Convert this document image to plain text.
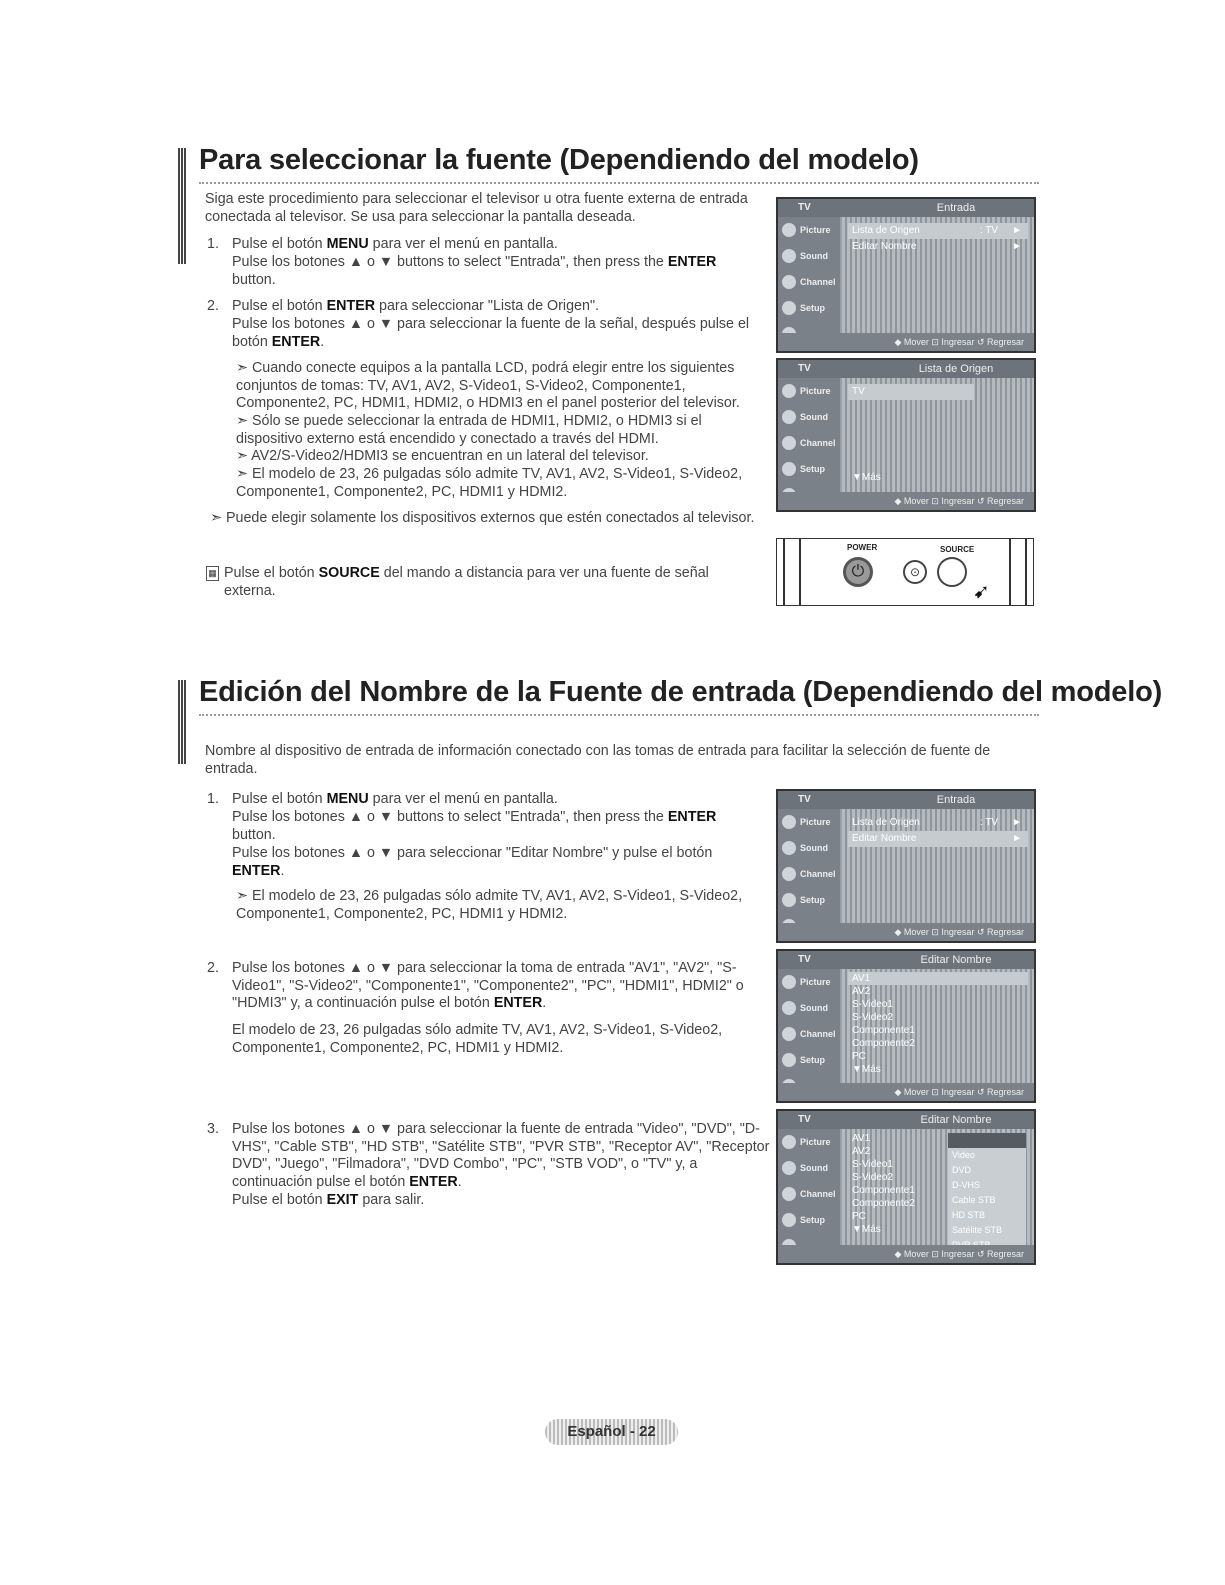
Para seleccionar la fuente (Dependiendo del modelo)
Siga este procedimiento para seleccionar el televisor u otra fuente externa de entrada conectada al televisor. Se usa para seleccionar la pantalla deseada.
1. Pulse el botón MENU para ver el menú en pantalla.
Pulse los botones ▲ o ▼ buttons to select "Entrada", then press the ENTER button.
2. Pulse el botón ENTER para seleccionar "Lista de Origen".
Pulse los botones ▲ o ▼ para seleccionar la fuente de la señal, después pulse el botón ENTER.
➣ Cuando conecte equipos a la pantalla LCD, podrá elegir entre los siguientes conjuntos de tomas: TV, AV1, AV2, S-Video1, S-Video2, Componente1, Componente2, PC, HDMI1, HDMI2, o HDMI3 en el panel posterior del televisor.
➣ Sólo se puede seleccionar la entrada de HDMI1, HDMI2, o HDMI3 si el dispositivo externo está encendido y conectado a través del HDMI.
➣ AV2/S-Video2/HDMI3 se encuentran en un lateral del televisor.
➣ El modelo de 23, 26 pulgadas sólo admite TV, AV1, AV2, S-Video1, S-Video2, Componente1, Componente2, PC, HDMI1 y HDMI2.
➣ Puede elegir solamente los dispositivos externos que estén conectados al televisor.
▦ Pulse el botón SOURCE del mando a distancia para ver una fuente de señal externa.
TV	Entrada
Picture
Sound
Channel
Setup
Lista de Origen	: TV ►
Editar Nombre	►
◆ Mover ⊡ Ingresar ↺ Regresar
TV	Lista de Origen
Picture
Sound
Channel
Setup
TV
▼Más
◆ Mover ⊡ Ingresar ↺ Regresar
POWER	SOURCE
⏻	⊙
➹
Edición del Nombre de la Fuente de entrada (Dependiendo del modelo)
Nombre al dispositivo de entrada de información conectado con las tomas de entrada para facilitar la selección de fuente de entrada.
1. Pulse el botón MENU para ver el menú en pantalla.
Pulse los botones ▲ o ▼ buttons to select "Entrada", then press the ENTER button.
Pulse los botones ▲ o ▼ para seleccionar "Editar Nombre" y pulse el botón ENTER.
➣ El modelo de 23, 26 pulgadas sólo admite TV, AV1, AV2, S-Video1, S-Video2, Componente1, Componente2, PC, HDMI1 y HDMI2.
2. Pulse los botones ▲ o ▼ para seleccionar la toma de entrada "AV1", "AV2", "S-Video1", "S-Video2", "Componente1", "Componente2", "PC", "HDMI1", HDMI2" o "HDMI3" y, a continuación pulse el botón ENTER.
El modelo de 23, 26 pulgadas sólo admite TV, AV1, AV2, S-Video1, S-Video2, Componente1, Componente2, PC, HDMI1 y HDMI2.
3. Pulse los botones ▲ o ▼ para seleccionar la fuente de entrada "Video", "DVD", "D-VHS", "Cable STB", "HD STB", "Satélite STB", "PVR STB", "Receptor AV", "Receptor DVD", "Juego", "Filmadora", "DVD Combo", "PC", "STB VOD", o "TV" y, a continuación pulse el botón ENTER.
Pulse el botón EXIT para salir.
TV	Entrada
Picture
Sound
Channel
Setup
Lista de Origen	: TV ►
Editar Nombre	►
◆ Mover ⊡ Ingresar ↺ Regresar
TV	Editar Nombre
Picture
Sound
Channel
Setup
AV1
AV2
S-Video1
S-Video2
Componente1
Componente2
PC
▼Más
◆ Mover ⊡ Ingresar ↺ Regresar
TV	Editar Nombre
Picture
Sound
Channel
Setup
AV1
AV2
S-Video1
S-Video2
Componente1
Componente2
PC
▼Más
Video
DVD
D-VHS
Cable STB
HD STB
Satélite STB
◆ Mover ⊡ Ingresar ↺ Regresar
Español - 22
